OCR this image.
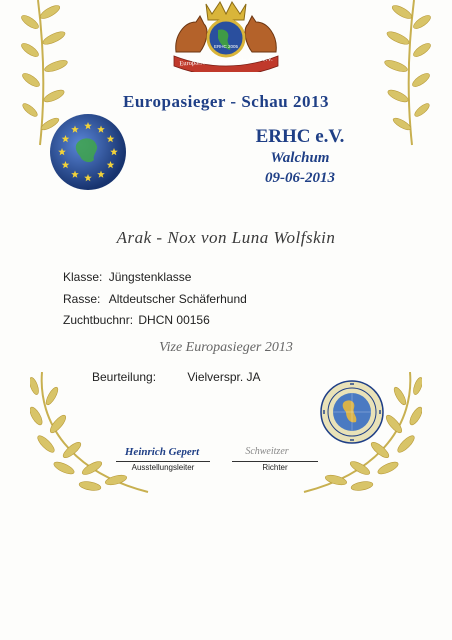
Europäischer Rassehunde-Club e.V.
ERHC 2005
Europasieger - Schau 2013
ERHC e.V.
Walchum
09-06-2013
Arak - Nox von Luna Wolfskin
Klasse: Jüngstenklasse
Rasse: Altdeutscher Schäferhund
Zuchtbuchnr: DHCN 00156
Vize Europasieger 2013
Beurteilung:	Vielverspr. JA
Heinrich Gepert
Ausstellungsleiter
Schweitzer
Richter
